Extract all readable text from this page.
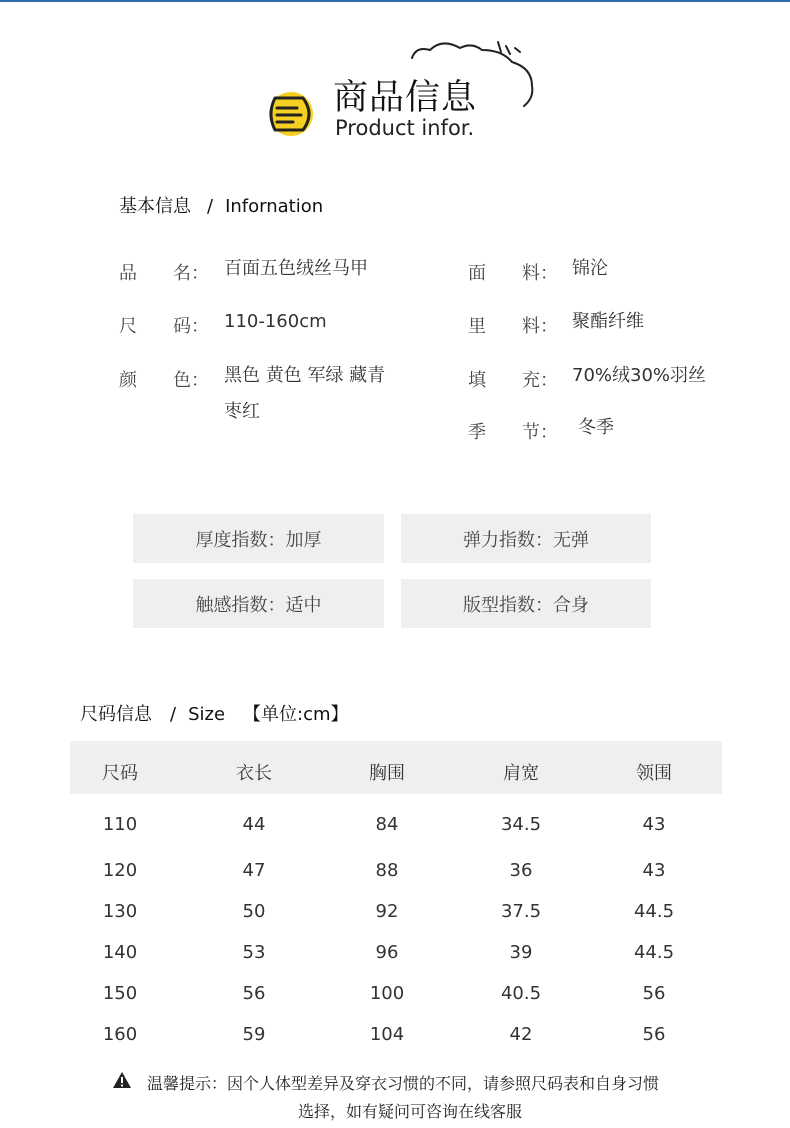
商品信息
Product infor.
基本信息 / Infornation
品　　名： 百面五色绒丝马甲
尺　　码： 110-160cm
颜　　色： 黑色 黄色 军绿 藏青
枣红
面　　料： 锦沦
里　　料： 聚酯纤维
填　　充： 70%绒30%羽丝
季　　节： 冬季
厚度指数： 加厚	弹力指数： 无弹
触感指数： 适中	版型指数： 合身
尺码信息 / Size 【单位:cm】
尺码	衣长	胸围	肩宽	领围
110	44	84	34.5	43
120	47	88	36	43
130	50	92	37.5	44.5
140	53	96	39	44.5
150	56	100	40.5	56
160	59	104	42	56
温馨提示：因个人体型差异及穿衣习惯的不同，请参照尺码表和自身习惯
选择，如有疑问可咨询在线客服
